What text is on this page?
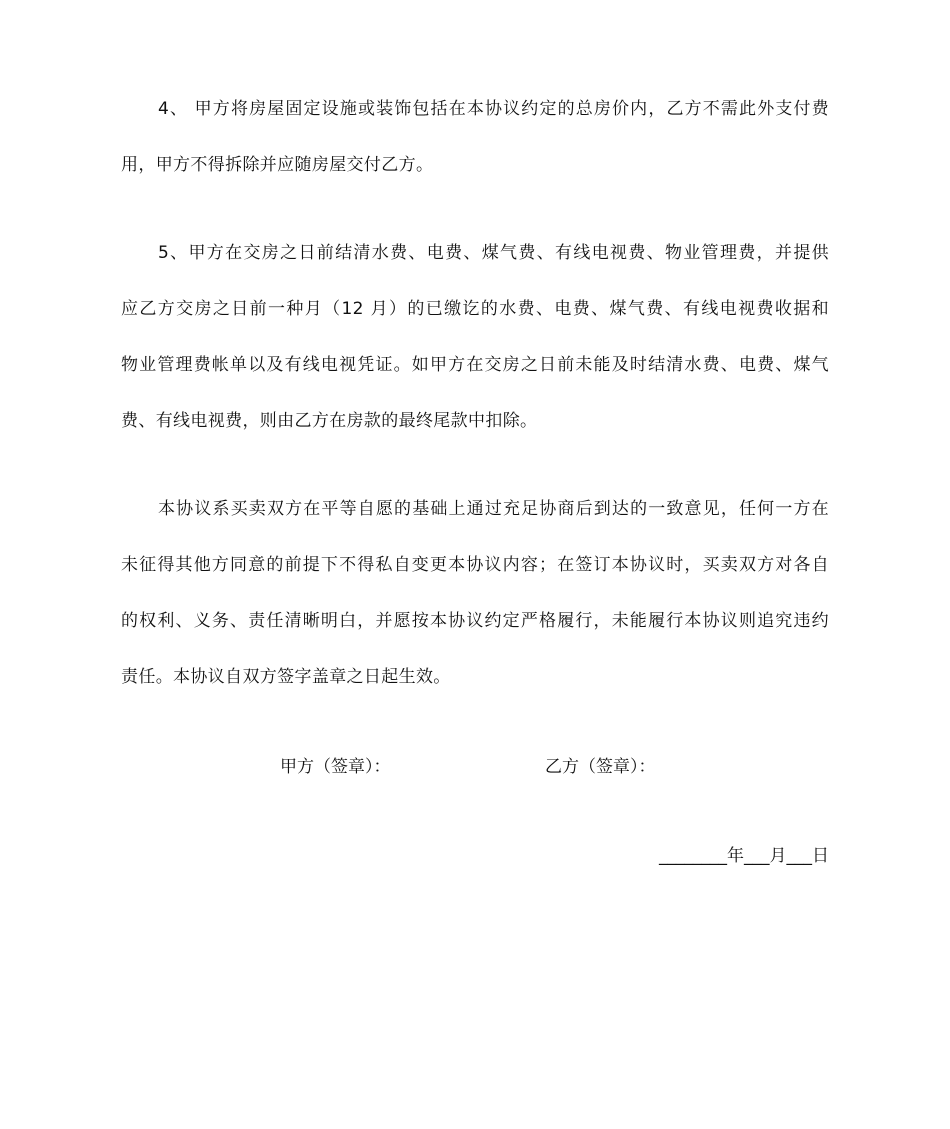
4、 甲方将房屋固定设施或装饰包括在本协议约定的总房价内，乙方不需此外支付费
用，甲方不得拆除并应随房屋交付乙方。
5、甲方在交房之日前结清水费、电费、煤气费、有线电视费、物业管理费，并提供
应乙方交房之日前一种月（12 月）的已缴讫的水费、电费、煤气费、有线电视费收据和
物业管理费帐单以及有线电视凭证。如甲方在交房之日前未能及时结清水费、电费、煤气
费、有线电视费，则由乙方在房款的最终尾款中扣除。
本协议系买卖双方在平等自愿的基础上通过充足协商后到达的一致意见，任何一方在
未征得其他方同意的前提下不得私自变更本协议内容；在签订本协议时，买卖双方对各自
的权利、义务、责任清晰明白，并愿按本协议约定严格履行，未能履行本协议则追究违约
责任。本协议自双方签字盖章之日起生效。
甲方（签章）：	乙方（签章）：
________年___月___日
